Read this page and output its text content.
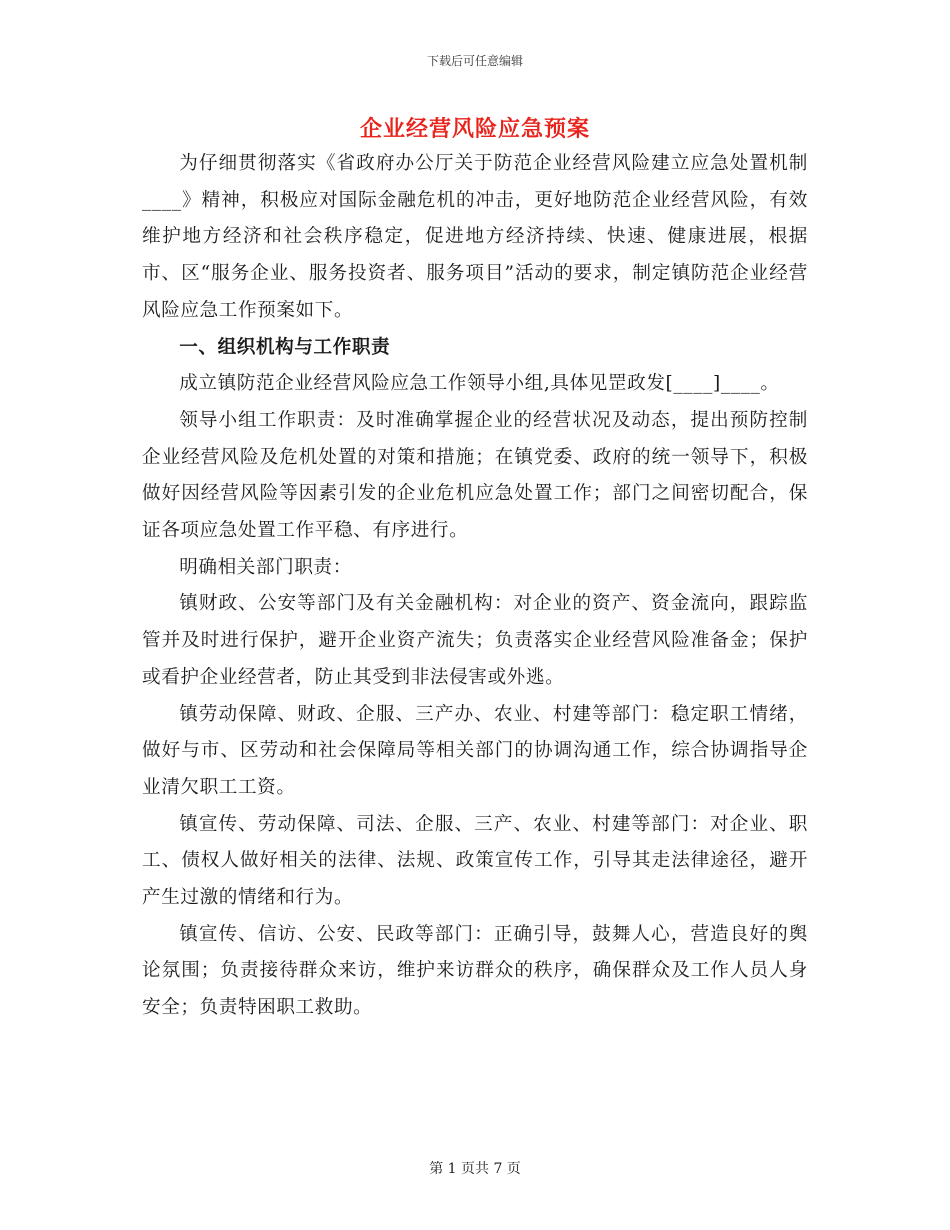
下载后可任意编辑
企业经营风险应急预案

为仔细贯彻落实《省政府办公厅关于防范企业经营风险建立应急处置机制____》精神，积极应对国际金融危机的冲击，更好地防范企业经营风险，有效维护地方经济和社会秩序稳定，促进地方经济持续、快速、健康进展，根据市、区“服务企业、服务投资者、服务项目”活动的要求，制定镇防范企业经营风险应急工作预案如下。

一、组织机构与工作职责

成立镇防范企业经营风险应急工作领导小组,具体见罡政发[____]____。

领导小组工作职责：及时准确掌握企业的经营状况及动态，提出预防控制企业经营风险及危机处置的对策和措施；在镇党委、政府的统一领导下，积极做好因经营风险等因素引发的企业危机应急处置工作；部门之间密切配合，保证各项应急处置工作平稳、有序进行。

明确相关部门职责：

镇财政、公安等部门及有关金融机构：对企业的资产、资金流向，跟踪监管并及时进行保护，避开企业资产流失；负责落实企业经营风险准备金；保护或看护企业经营者，防止其受到非法侵害或外逃。

镇劳动保障、财政、企服、三产办、农业、村建等部门：稳定职工情绪，做好与市、区劳动和社会保障局等相关部门的协调沟通工作，综合协调指导企业清欠职工工资。

镇宣传、劳动保障、司法、企服、三产、农业、村建等部门：对企业、职工、债权人做好相关的法律、法规、政策宣传工作，引导其走法律途径，避开产生过激的情绪和行为。

镇宣传、信访、公安、民政等部门：正确引导，鼓舞人心，营造良好的舆论氛围；负责接待群众来访，维护来访群众的秩序，确保群众及工作人员人身安全；负责特困职工救助。

第 1 页共 7 页
